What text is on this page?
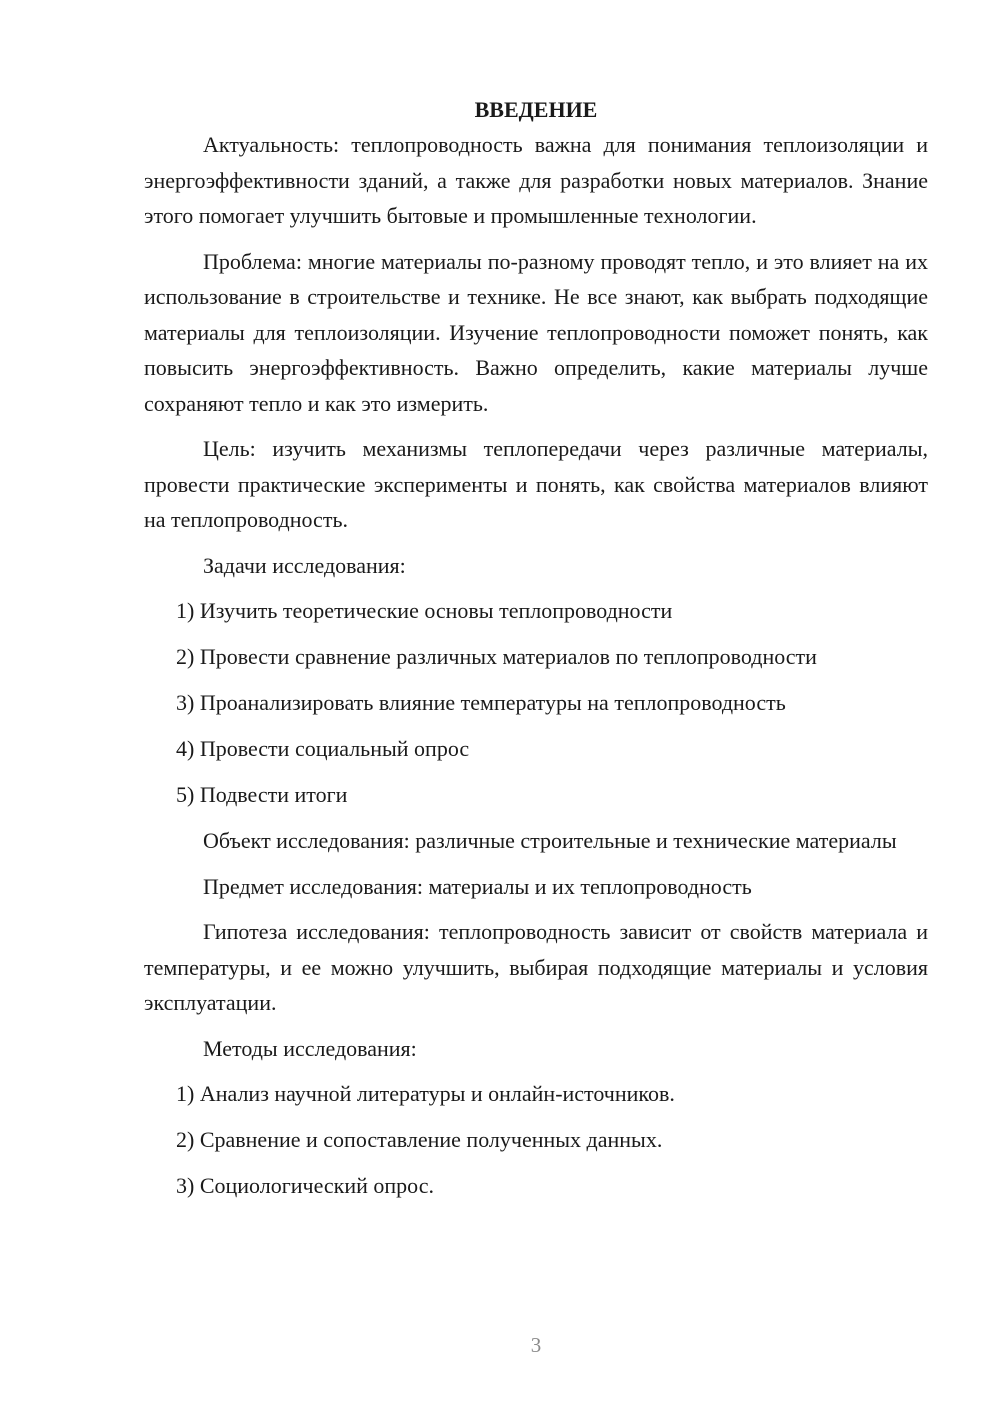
ВВЕДЕНИЕ

Актуальность: теплопроводность важна для понимания теплоизоляции и энергоэффективности зданий, а также для разработки новых материалов. Знание этого помогает улучшить бытовые и промышленные технологии.

Проблема: многие материалы по-разному проводят тепло, и это влияет на их использование в строительстве и технике. Не все знают, как выбрать подходящие материалы для теплоизоляции. Изучение теплопроводности поможет понять, как повысить энергоэффективность. Важно определить, какие материалы лучше сохраняют тепло и как это измерить.

Цель: изучить механизмы теплопередачи через различные материалы, провести практические эксперименты и понять, как свойства материалов влияют на теплопроводность.

Задачи исследования:

1) Изучить теоретические основы теплопроводности

2) Провести сравнение различных материалов по теплопроводности

3) Проанализировать влияние температуры на теплопроводность

4) Провести социальный опрос

5) Подвести итоги

Объект исследования: различные строительные и технические материалы

Предмет исследования: материалы и их теплопроводность

Гипотеза исследования: теплопроводность зависит от свойств материала и температуры, и ее можно улучшить, выбирая подходящие материалы и условия эксплуатации.

Методы исследования:

1) Анализ научной литературы и онлайн-источников.

2) Сравнение и сопоставление полученных данных.

3) Социологический опрос.

3
